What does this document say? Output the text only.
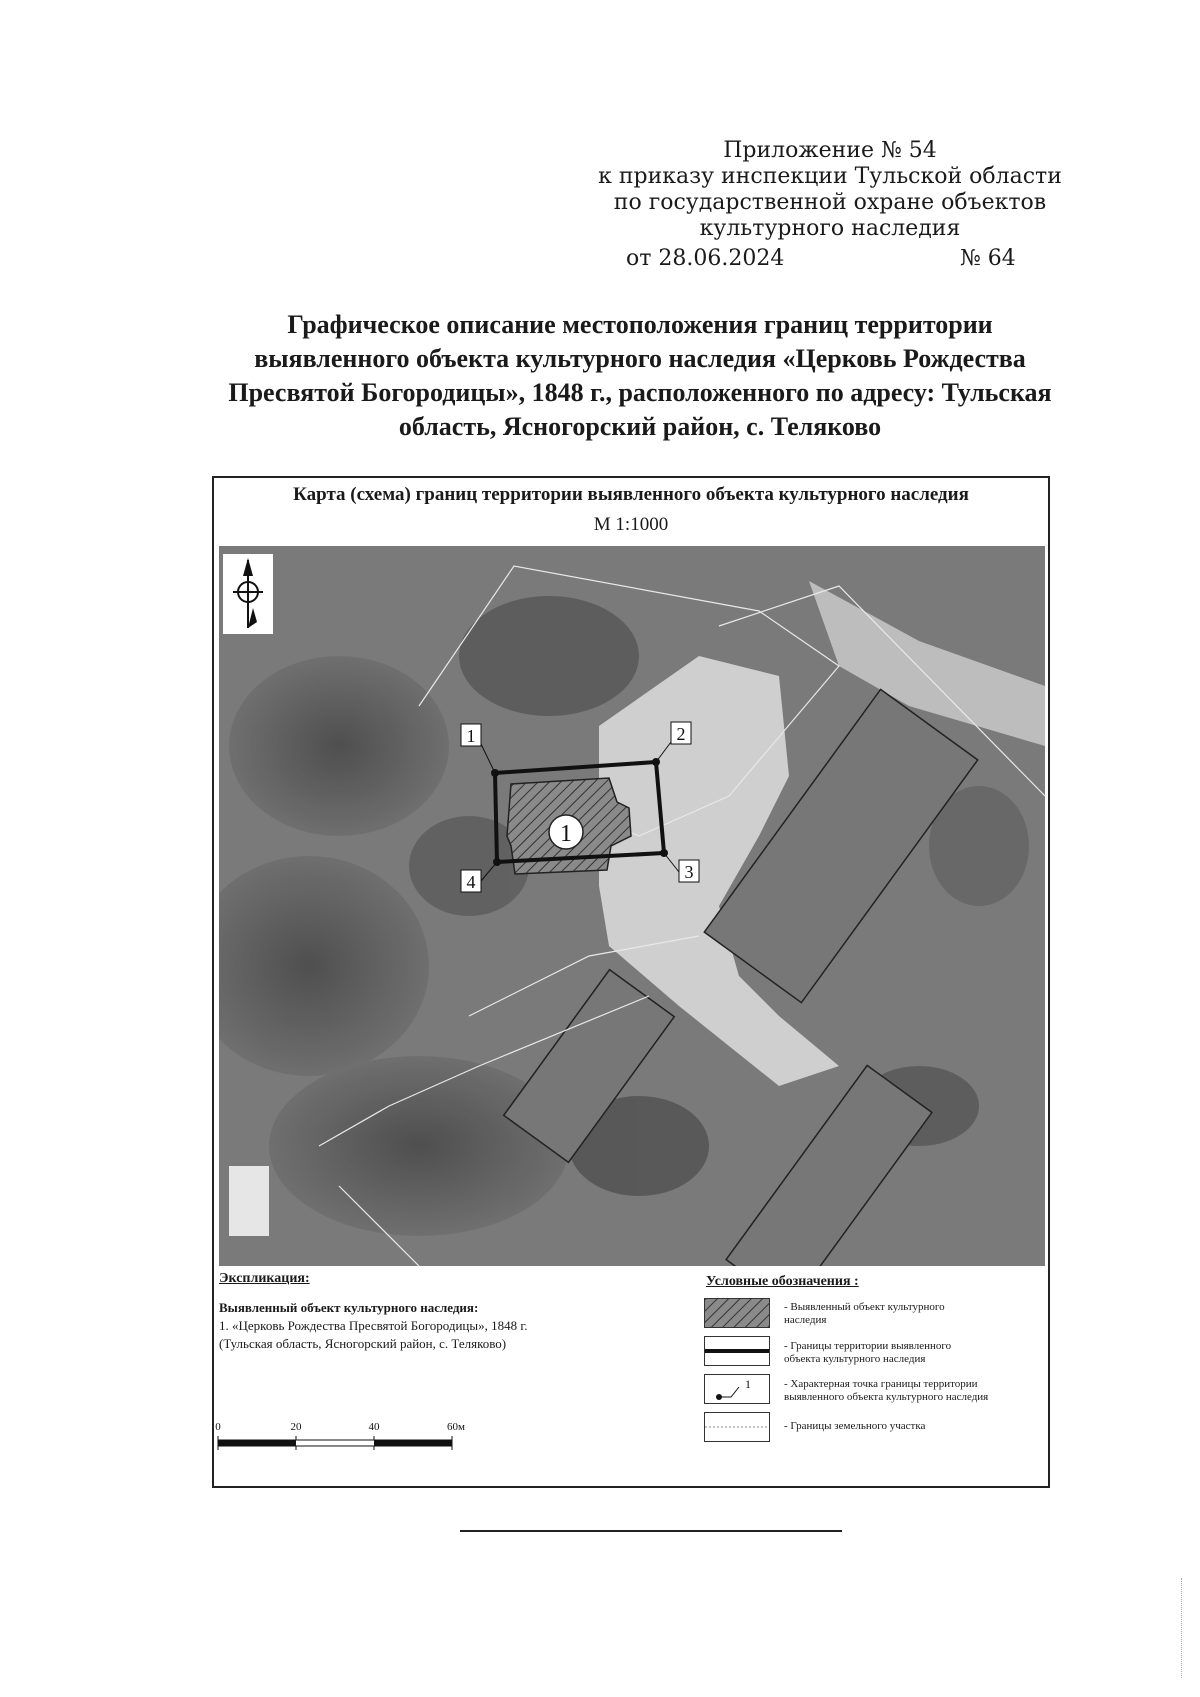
Приложение № 54
к приказу инспекции Тульской области
по государственной охране объектов
культурного наследия
от 28.06.2024	№ 64
Графическое описание местоположения границ территории
выявленного объекта культурного наследия «Церковь Рождества
Пресвятой Богородицы», 1848 г., расположенного по адресу: Тульская
область, Ясногорский район, с. Теляково
Карта (схема) границ территории выявленного объекта культурного наследия
М 1:1000
1
1	2
3
4
Экспликация:
Выявленный объект культурного наследия:
1. «Церковь Рождества Пресвятой Богородицы», 1848 г.
(Тульская область, Ясногорский район, с. Теляково)
Условные обозначения :
- Выявленный объект культурного
наследия
- Границы территории выявленного
объекта культурного наследия
1	- Характерная точка границы территории
выявленного объекта культурного наследия
- Границы земельного участка
0	20	40	60м
